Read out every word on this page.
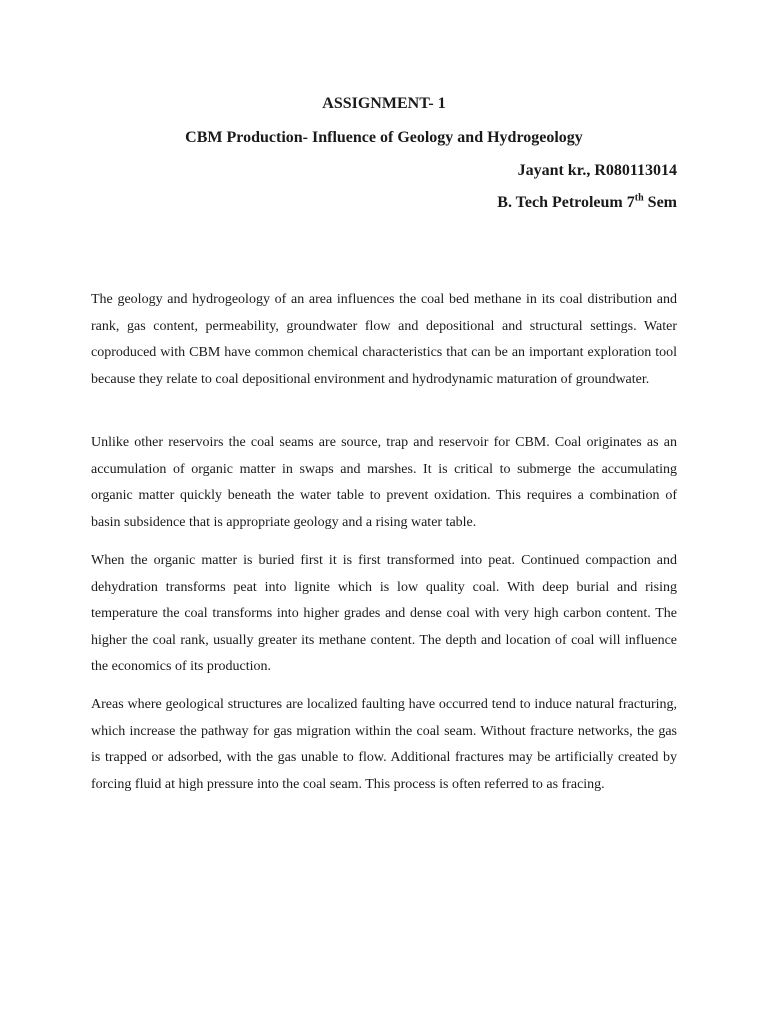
ASSIGNMENT- 1
CBM Production- Influence of Geology and Hydrogeology
Jayant kr., R080113014
B. Tech Petroleum 7th Sem

The geology and hydrogeology of an area influences the coal bed methane in its coal distribution and rank, gas content, permeability, groundwater flow and depositional and structural settings. Water coproduced with CBM have common chemical characteristics that can be an important exploration tool because they relate to coal depositional environment and hydrodynamic maturation of groundwater.

Unlike other reservoirs the coal seams are source, trap and reservoir for CBM. Coal originates as an accumulation of organic matter in swaps and marshes. It is critical to submerge the accumulating organic matter quickly beneath the water table to prevent oxidation. This requires a combination of basin subsidence that is appropriate geology and a rising water table.

When the organic matter is buried first it is first transformed into peat. Continued compaction and dehydration transforms peat into lignite which is low quality coal. With deep burial and rising temperature the coal transforms into higher grades and dense coal with very high carbon content. The higher the coal rank, usually greater its methane content. The depth and location of coal will influence the economics of its production.

Areas where geological structures are localized faulting have occurred tend to induce natural fracturing, which increase the pathway for gas migration within the coal seam. Without fracture networks, the gas is trapped or adsorbed, with the gas unable to flow. Additional fractures may be artificially created by forcing fluid at high pressure into the coal seam. This process is often referred to as fracing.
